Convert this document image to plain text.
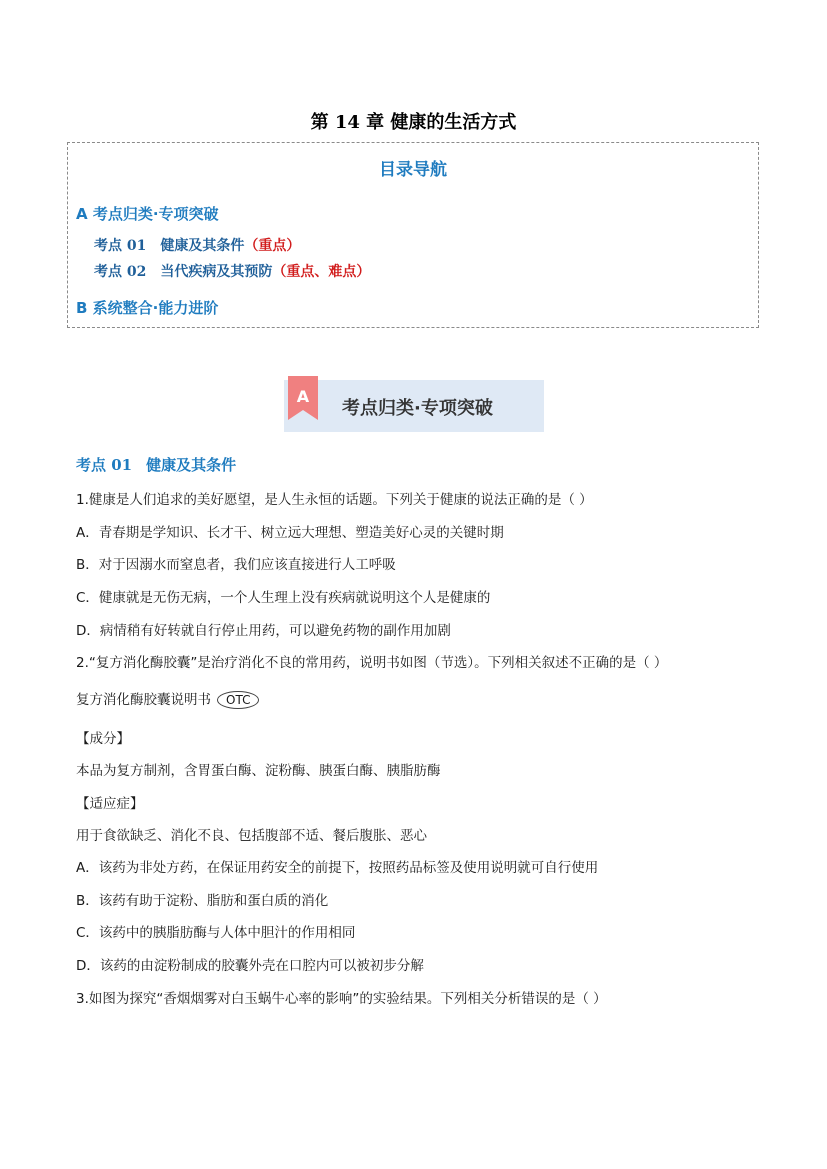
第 14 章 健康的生活方式
目录导航
A 考点归类·专项突破
考点 01 健康及其条件（重点）
考点 02 当代疾病及其预防（重点、难点）
B 系统整合·能力进阶
A
考点归类·专项突破
考点 01 健康及其条件
1.健康是人们追求的美好愿望，是人生永恒的话题。下列关于健康的说法正确的是（ ）
A．青春期是学知识、长才干、树立远大理想、塑造美好心灵的关键时期
B．对于因溺水而窒息者，我们应该直接进行人工呼吸
C．健康就是无伤无病，一个人生理上没有疾病就说明这个人是健康的
D．病情稍有好转就自行停止用药，可以避免药物的副作用加剧
2.“复方消化酶胶囊”是治疗消化不良的常用药，说明书如图（节选）。下列相关叙述不正确的是（ ）
复方消化酶胶囊说明书 OTC
【成分】
本品为复方制剂，含胃蛋白酶、淀粉酶、胰蛋白酶、胰脂肪酶
【适应症】
用于食欲缺乏、消化不良、包括腹部不适、餐后腹胀、恶心
A．该药为非处方药，在保证用药安全的前提下，按照药品标签及使用说明就可自行使用
B．该药有助于淀粉、脂肪和蛋白质的消化
C．该药中的胰脂肪酶与人体中胆汁的作用相同
D．该药的由淀粉制成的胶囊外壳在口腔内可以被初步分解
3.如图为探究“香烟烟雾对白玉蜗牛心率的影响”的实验结果。下列相关分析错误的是（ ）
